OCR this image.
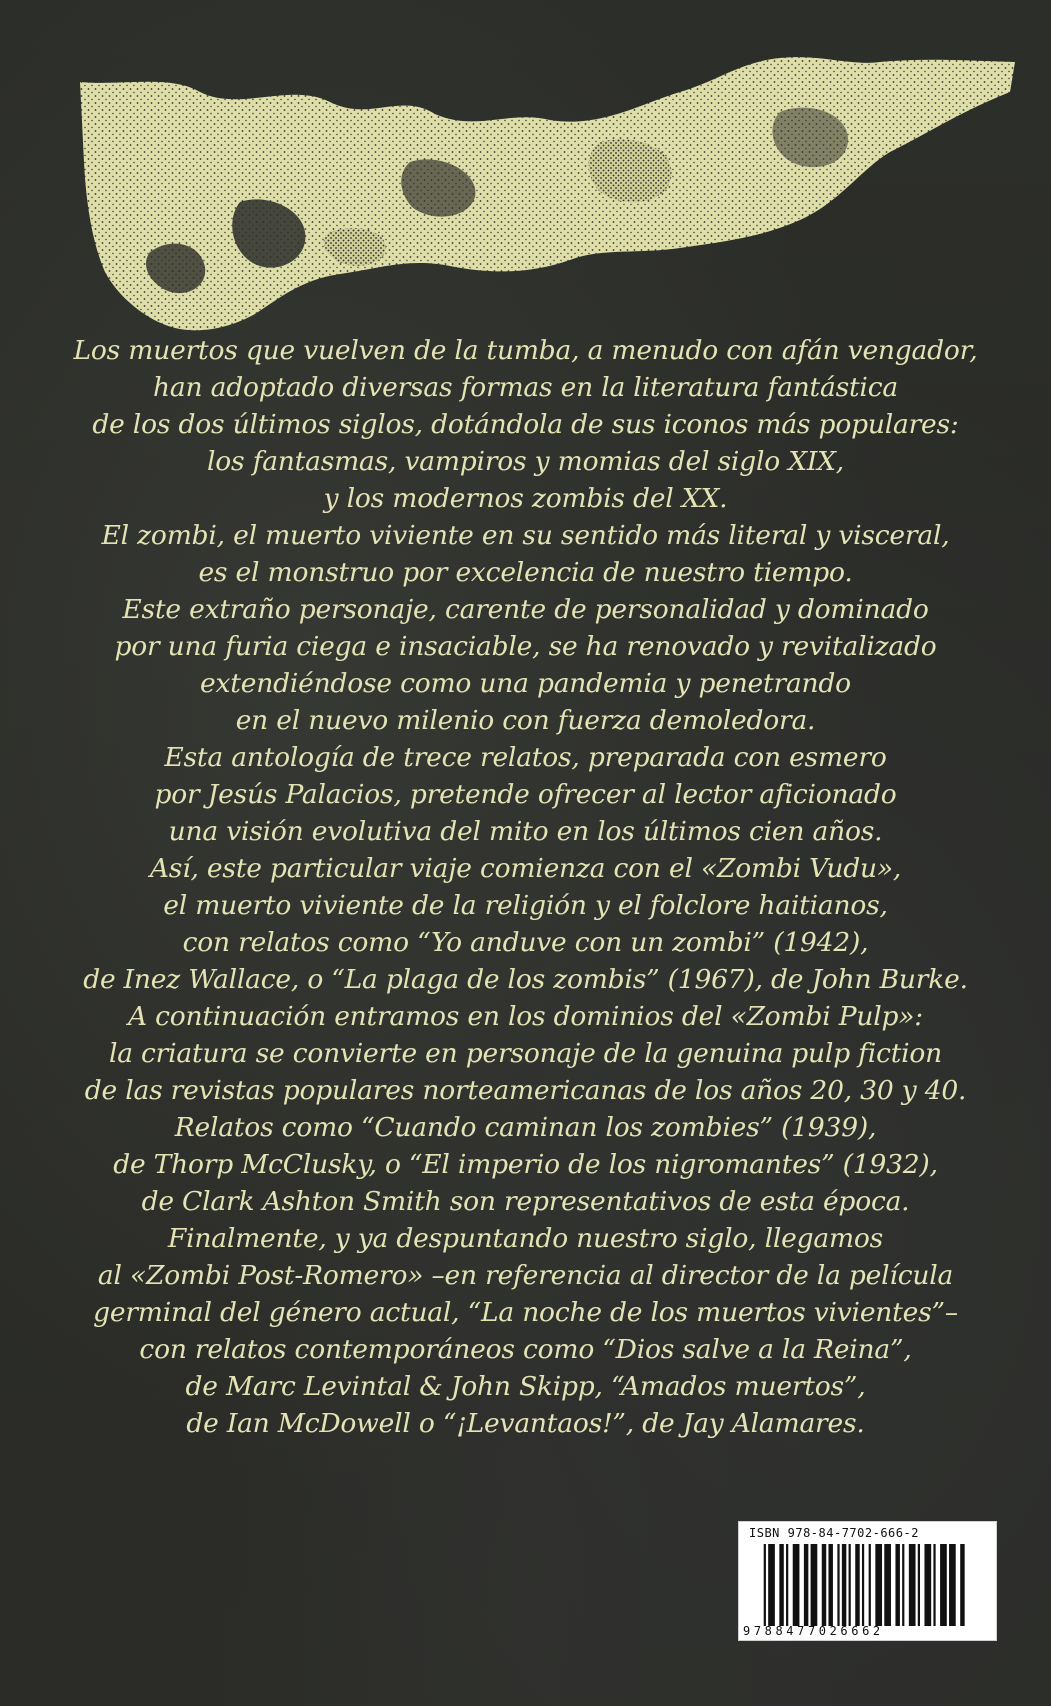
Los muertos que vuelven de la tumba, a menudo con afán vengador,
han adoptado diversas formas en la literatura fantástica
de los dos últimos siglos, dotándola de sus iconos más populares:
los fantasmas, vampiros y momias del siglo XIX,
y los modernos zombis del XX.
El zombi, el muerto viviente en su sentido más literal y visceral,
es el monstruo por excelencia de nuestro tiempo.
Este extraño personaje, carente de personalidad y dominado
por una furia ciega e insaciable, se ha renovado y revitalizado
extendiéndose como una pandemia y penetrando
en el nuevo milenio con fuerza demoledora.
Esta antología de trece relatos, preparada con esmero
por Jesús Palacios, pretende ofrecer al lector aficionado
una visión evolutiva del mito en los últimos cien años.
Así, este particular viaje comienza con el «Zombi Vudu»,
el muerto viviente de la religión y el folclore haitianos,
con relatos como “Yo anduve con un zombi” (1942),
de Inez Wallace, o “La plaga de los zombis” (1967), de John Burke.
A continuación entramos en los dominios del «Zombi Pulp»:
la criatura se convierte en personaje de la genuina pulp fiction
de las revistas populares norteamericanas de los años 20, 30 y 40.
Relatos como “Cuando caminan los zombies” (1939),
de Thorp McClusky, o “El imperio de los nigromantes” (1932),
de Clark Ashton Smith son representativos de esta época.
Finalmente, y ya despuntando nuestro siglo, llegamos
al «Zombi Post-Romero» –en referencia al director de la película
germinal del género actual, “La noche de los muertos vivientes”–
con relatos contemporáneos como “Dios salve a la Reina”,
de Marc Levintal & John Skipp, “Amados muertos”,
de Ian McDowell o “¡Levantaos!”, de Jay Alamares.
ISBN 978-84-7702-666-2
9788477026662
